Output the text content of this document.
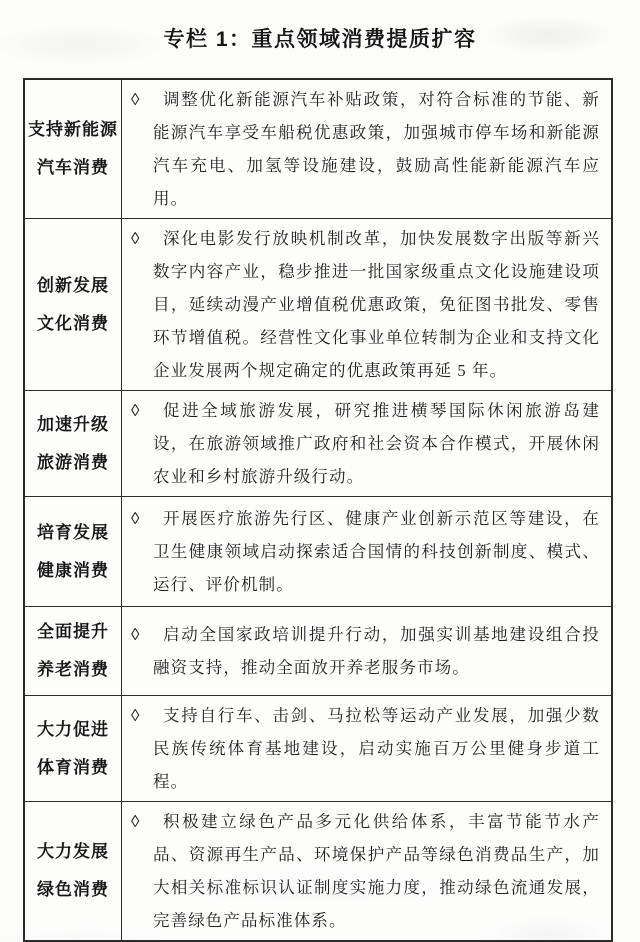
专栏 1：重点领域消费提质扩容
支持新能源
汽车消费

◊ 调整优化新能源汽车补贴政策，对符合标准的节能、新能源汽车享受车船税优惠政策，加强城市停车场和新能源汽车充电、加氢等设施建设，鼓励高性能新能源汽车应用。

创新发展
文化消费

◊ 深化电影发行放映机制改革，加快发展数字出版等新兴数字内容产业，稳步推进一批国家级重点文化设施建设项目，延续动漫产业增值税优惠政策，免征图书批发、零售环节增值税。经营性文化事业单位转制为企业和支持文化企业发展两个规定确定的优惠政策再延 5 年。

加速升级
旅游消费

◊ 促进全域旅游发展，研究推进横琴国际休闲旅游岛建设，在旅游领域推广政府和社会资本合作模式，开展休闲农业和乡村旅游升级行动。

培育发展
健康消费

◊ 开展医疗旅游先行区、健康产业创新示范区等建设，在卫生健康领域启动探索适合国情的科技创新制度、模式、运行、评价机制。

全面提升
养老消费

◊ 启动全国家政培训提升行动，加强实训基地建设组合投融资支持，推动全面放开养老服务市场。

大力促进
体育消费

◊ 支持自行车、击剑、马拉松等运动产业发展，加强少数民族传统体育基地建设，启动实施百万公里健身步道工程。

大力发展
绿色消费

◊ 积极建立绿色产品多元化供给体系，丰富节能节水产品、资源再生产品、环境保护产品等绿色消费品生产，加大相关标准标识认证制度实施力度，推动绿色流通发展，完善绿色产品标准体系。
